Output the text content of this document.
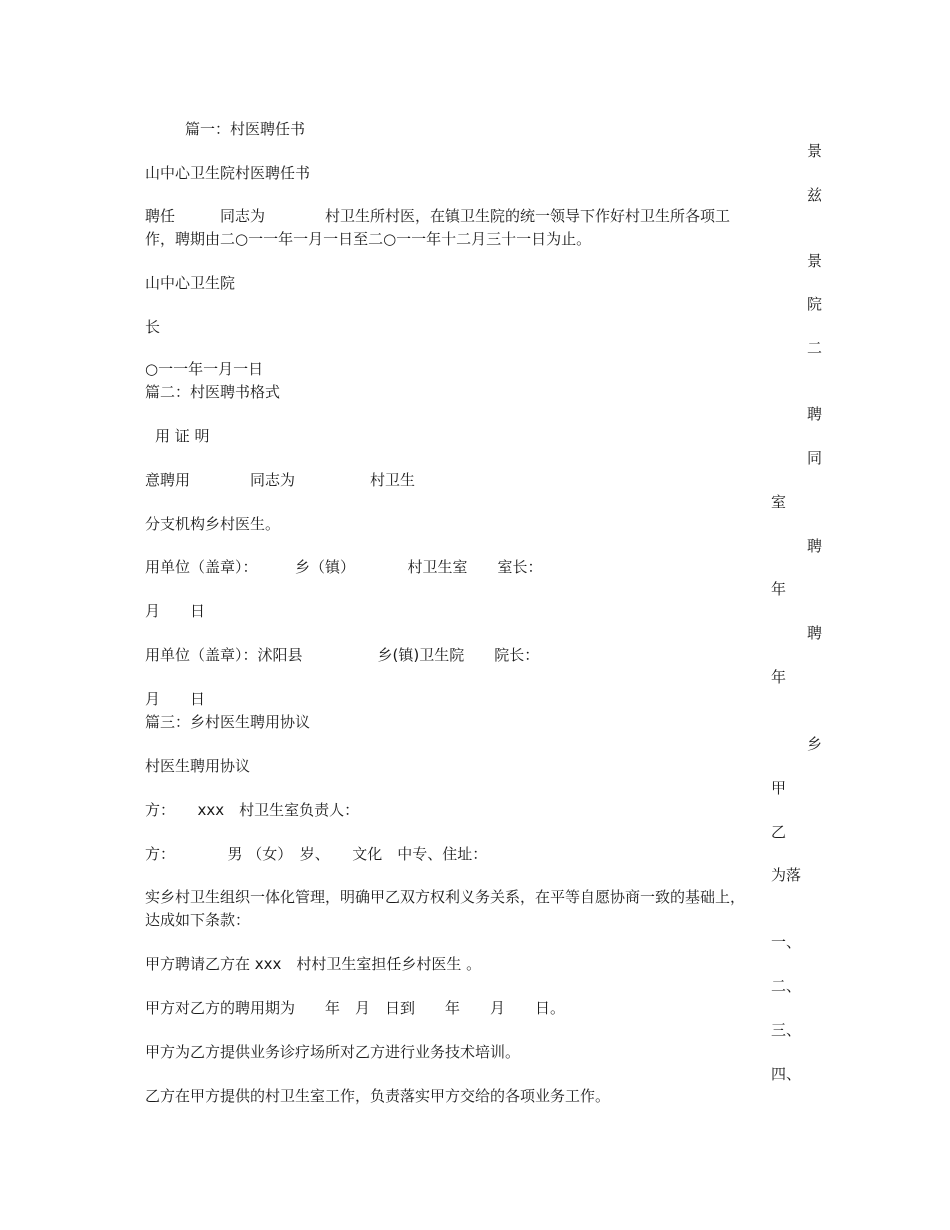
篇一：村医聘任书
山中心卫生院村医聘任书
聘任　　　同志为　　　　村卫生所村医，在镇卫生院的统一领导下作好村卫生所各项工
作，聘期由二○一一年一月一日至二○一一年十二月三十一日为止。
山中心卫生院
长
○一一年一月一日
篇二：村医聘书格式
用 证 明
意聘用　　　　同志为　　　　　村卫生
分支机构乡村医生。
用单位（盖章）：　　　乡（镇）　　　　村卫生室　　室长：
月　　日
用单位（盖章）：沭阳县　　　　　乡(镇)卫生院　　院长：
月　　日
篇三：乡村医生聘用协议
村医生聘用协议
方：　　xxx　村卫生室负责人：
方：　　　　男 （女）　岁、　　文化　中专、住址：
实乡村卫生组织一体化管理，明确甲乙双方权利义务关系，在平等自愿协商一致的基础上，
达成如下条款：
甲方聘请乙方在 xxx　村村卫生室担任乡村医生 。
甲方对乙方的聘用期为　　年　月　日到　　年　　月　　日。
甲方为乙方提供业务诊疗场所对乙方进行业务技术培训。
乙方在甲方提供的村卫生室工作，负责落实甲方交给的各项业务工作。
景
兹
景
院
二
聘
同
室
聘
年
聘
年
乡
甲
乙
为落
一、
二、
三、
四、
